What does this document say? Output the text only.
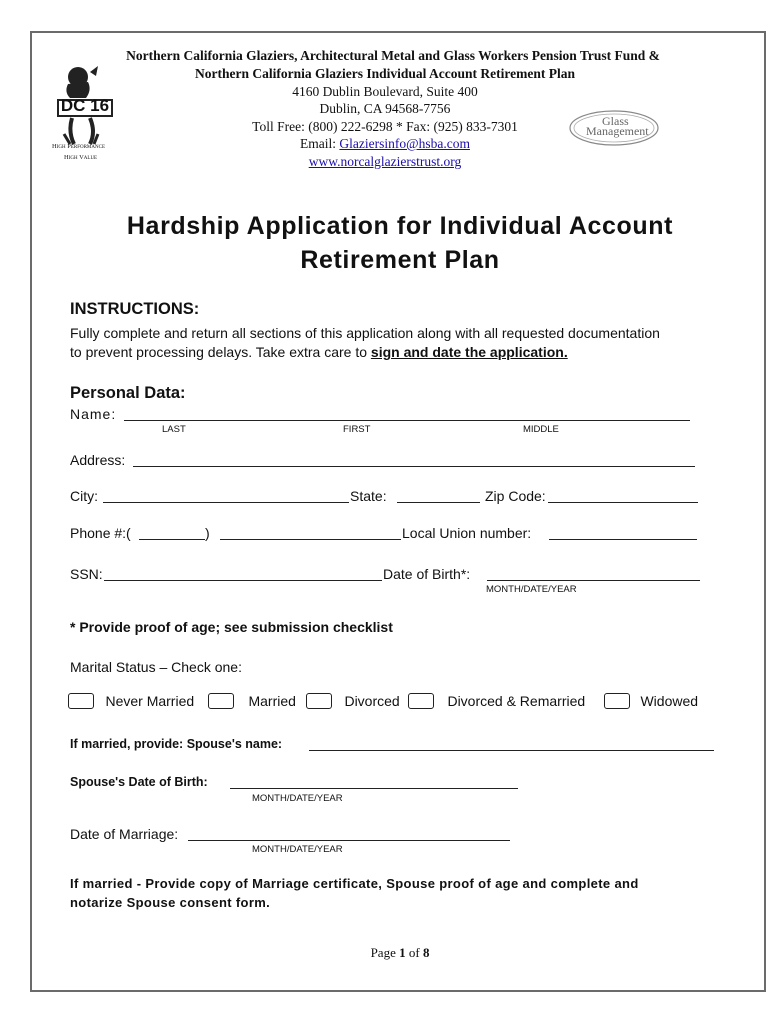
DC 16
High Performance
High Value
Glass
Management
Northern California Glaziers, Architectural Metal and Glass Workers Pension Trust Fund &
Northern California Glaziers Individual Account Retirement Plan
4160 Dublin Boulevard, Suite 400
Dublin, CA 94568-7756
Toll Free: (800) 222-6298 * Fax: (925) 833-7301
Email: Glaziersinfo@hsba.com
www.norcalglazierstrust.org
Hardship Application for Individual Account
Retirement Plan
INSTRUCTIONS:
Fully complete and return all sections of this application along with all requested documentation
to prevent processing delays. Take extra care to sign and date the application.
Personal Data:
Name:
LAST	FIRST	MIDDLE
Address:
City:	State:	Zip Code:
Phone #:(	)	Local Union number:
SSN:	Date of Birth*:
MONTH/DATE/YEAR
* Provide proof of age; see submission checklist
Marital Status – Check one:
Never Married	Married	Divorced	Divorced & Remarried	Widowed
If married, provide: Spouse's name:
Spouse's Date of Birth:
MONTH/DATE/YEAR
Date of Marriage:
MONTH/DATE/YEAR
If married - Provide copy of Marriage certificate, Spouse proof of age and complete and
notarize Spouse consent form.
Page 1 of 8
